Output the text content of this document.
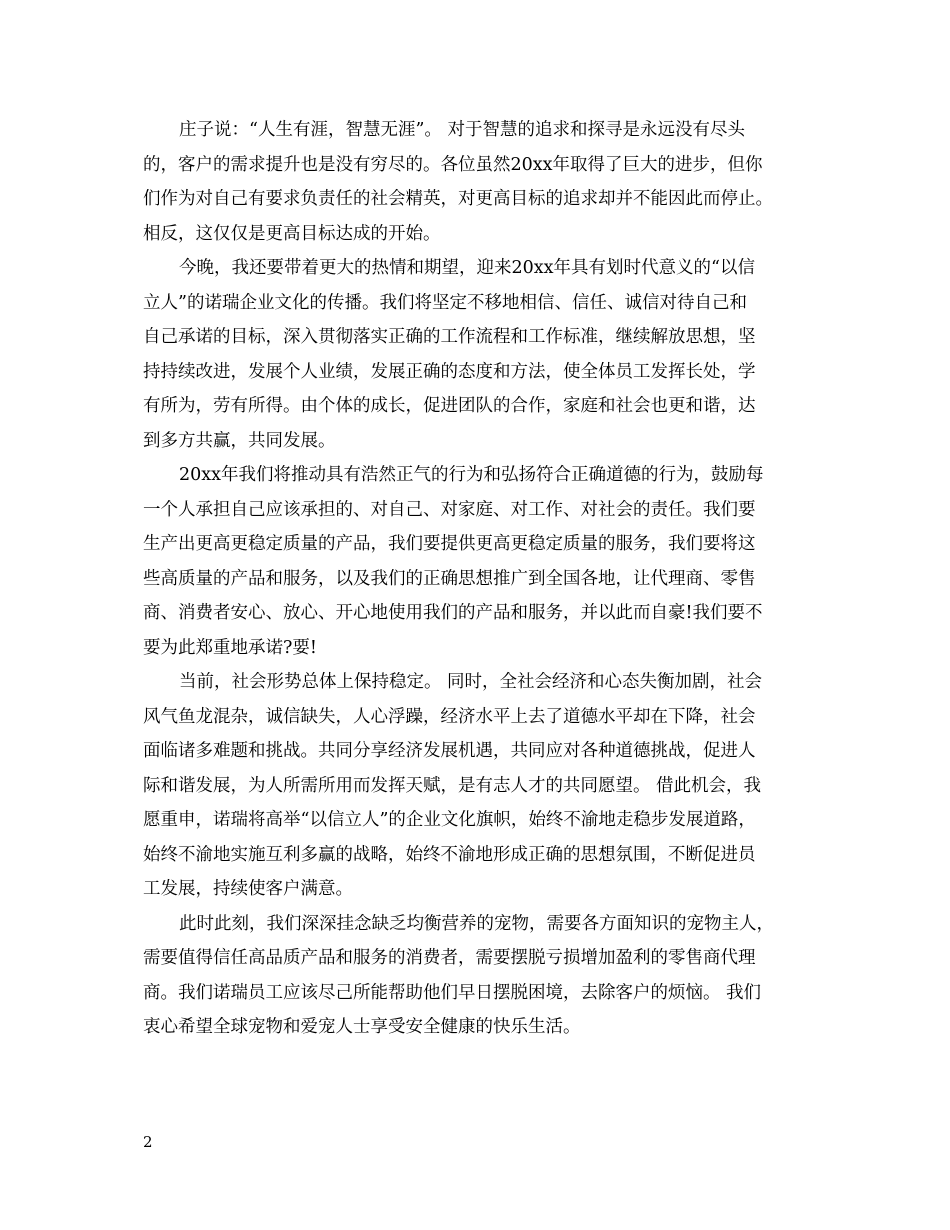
庄子说：“人生有涯，智慧无涯”。 对于智慧的追求和探寻是永远没有尽头
的，客户的需求提升也是没有穷尽的。各位虽然20xx年取得了巨大的进步，但你
们作为对自己有要求负责任的社会精英，对更高目标的追求却并不能因此而停止。
相反，这仅仅是更高目标达成的开始。
今晚，我还要带着更大的热情和期望，迎来20xx年具有划时代意义的“以信
立人”的诺瑞企业文化的传播。我们将坚定不移地相信、信任、诚信对待自己和
自己承诺的目标，深入贯彻落实正确的工作流程和工作标准，继续解放思想，坚
持持续改进，发展个人业绩，发展正确的态度和方法，使全体员工发挥长处，学
有所为，劳有所得。由个体的成长，促进团队的合作，家庭和社会也更和谐，达
到多方共赢，共同发展。
20xx年我们将推动具有浩然正气的行为和弘扬符合正确道德的行为，鼓励每
一个人承担自己应该承担的、对自己、对家庭、对工作、对社会的责任。我们要
生产出更高更稳定质量的产品，我们要提供更高更稳定质量的服务，我们要将这
些高质量的产品和服务，以及我们的正确思想推广到全国各地，让代理商、零售
商、消费者安心、放心、开心地使用我们的产品和服务，并以此而自豪!我们要不
要为此郑重地承诺?要!
当前，社会形势总体上保持稳定。 同时，全社会经济和心态失衡加剧，社会
风气鱼龙混杂，诚信缺失，人心浮躁，经济水平上去了道德水平却在下降，社会
面临诸多难题和挑战。共同分享经济发展机遇，共同应对各种道德挑战，促进人
际和谐发展，为人所需所用而发挥天赋，是有志人才的共同愿望。 借此机会，我
愿重申，诺瑞将高举“以信立人”的企业文化旗帜，始终不渝地走稳步发展道路，
始终不渝地实施互利多赢的战略，始终不渝地形成正确的思想氛围，不断促进员
工发展，持续使客户满意。
此时此刻，我们深深挂念缺乏均衡营养的宠物，需要各方面知识的宠物主人，
需要值得信任高品质产品和服务的消费者，需要摆脱亏损增加盈利的零售商代理
商。我们诺瑞员工应该尽己所能帮助他们早日摆脱困境，去除客户的烦恼。 我们
衷心希望全球宠物和爱宠人士享受安全健康的快乐生活。
2
